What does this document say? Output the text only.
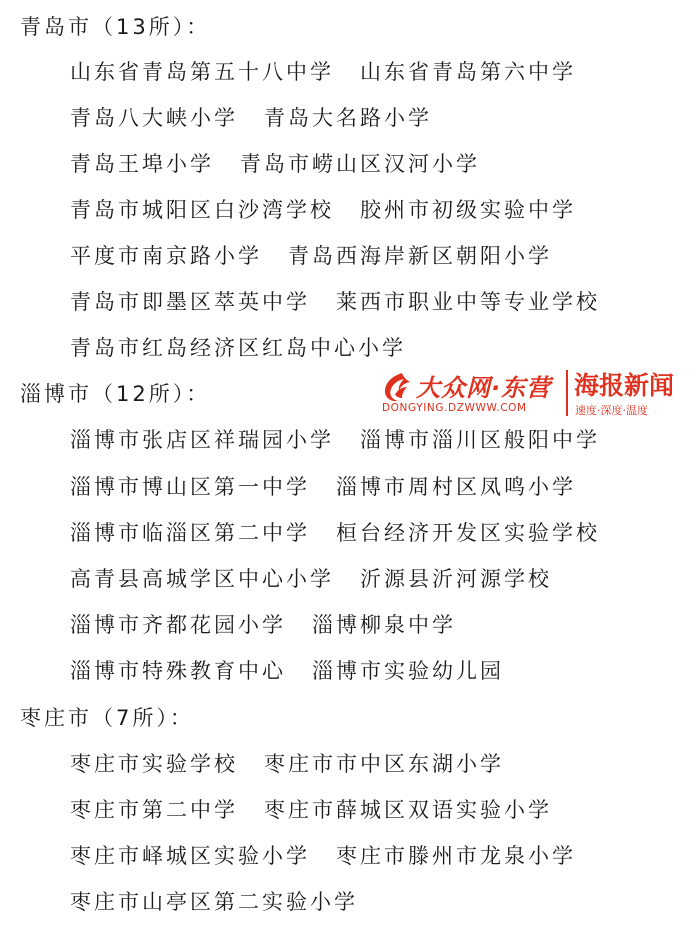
青岛市（13所）：
山东省青岛第五十八中学 山东省青岛第六中学
青岛八大峡小学 青岛大名路小学
青岛王埠小学 青岛市崂山区汉河小学
青岛市城阳区白沙湾学校 胶州市初级实验中学
平度市南京路小学 青岛西海岸新区朝阳小学
青岛市即墨区萃英中学 莱西市职业中等专业学校
青岛市红岛经济区红岛中心小学
淄博市（12所）：
淄博市张店区祥瑞园小学 淄博市淄川区般阳中学
淄博市博山区第一中学 淄博市周村区凤鸣小学
淄博市临淄区第二中学 桓台经济开发区实验学校
高青县高城学区中心小学 沂源县沂河源学校
淄博市齐都花园小学 淄博柳泉中学
淄博市特殊教育中心 淄博市实验幼儿园
枣庄市（7所）：
枣庄市实验学校 枣庄市市中区东湖小学
枣庄市第二中学 枣庄市薛城区双语实验小学
枣庄市峄城区实验小学 枣庄市滕州市龙泉小学
枣庄市山亭区第二实验小学
大众网·东营
DONGYING.DZWWW.COM
海报新闻
速度·深度·温度
